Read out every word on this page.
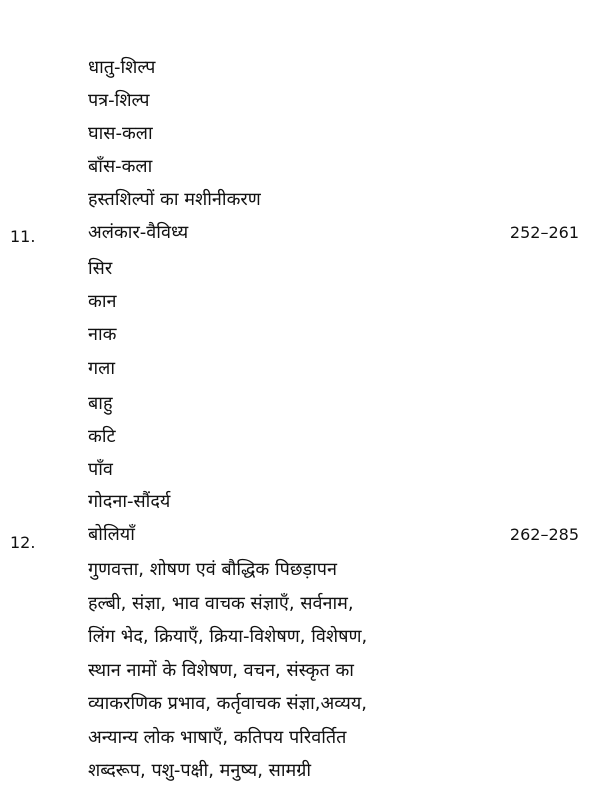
धातु-शिल्प
पत्र-शिल्प
घास-कला
बाँस-कला
हस्तशिल्पों का मशीनीकरण
11.	अलंकार-वैविध्य	252–261
सिर
कान
नाक
गला
बाहु
कटि
पाँव
गोदना-सौंदर्य
12.	बोलियाँ	262–285
गुणवत्ता, शोषण एवं बौद्धिक पिछड़ापन
हल्बी, संज्ञा, भाव वाचक संज्ञाएँ, सर्वनाम,
लिंग भेद, क्रियाएँ, क्रिया-विशेषण, विशेषण,
स्थान नामों के विशेषण, वचन, संस्कृत का
व्याकरणिक प्रभाव, कर्तृवाचक संज्ञा,अव्यय,
अन्यान्य लोक भाषाएँ, कतिपय परिवर्तित
शब्दरूप, पशु-पक्षी, मनुष्य, सामग्री
